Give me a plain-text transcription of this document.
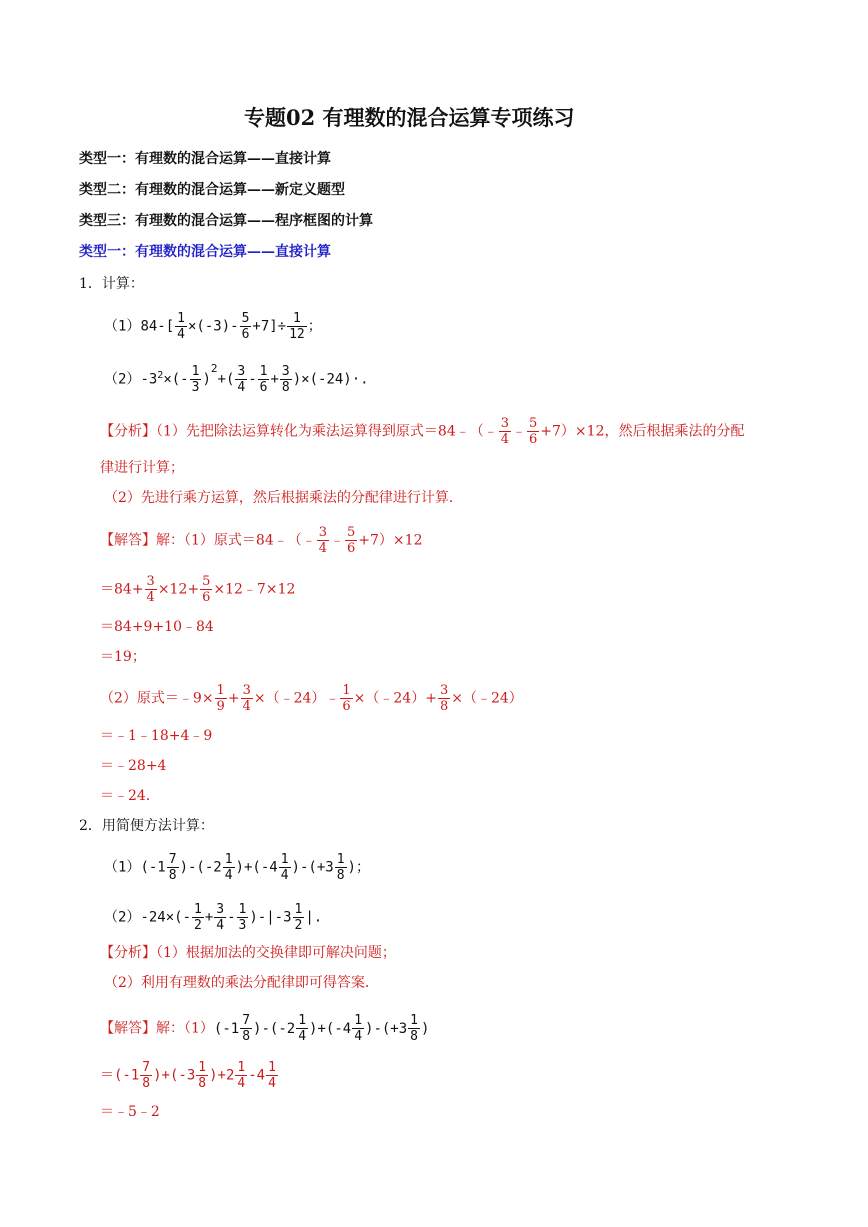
专题02 有理数的混合运算专项练习
类型一：有理数的混合运算——直接计算
类型二：有理数的混合运算——新定义题型
类型三：有理数的混合运算——程序框图的计算
类型一：有理数的混合运算——直接计算
1．计算：
$(1)84-[ \frac{1}{4} \times(-3)- \frac{5}{6} +7]\div \frac{1}{12}$ ；
$(2)-3^2\times(- \frac{1}{3} )^2+( \frac{3}{4} - \frac{1}{6} + \frac{3}{8} )\times(-24)\cdot$.
【分析】（1）先把除法运算转化为乘法运算得到原式＝84﹣（﹣ $\frac{3}{4}$ ﹣ $\frac{5}{6} +7)\times 12$，然后根据乘法的分配
律进行计算；
（2）先进行乘方运算，然后根据乘法的分配律进行计算．
【解答】解：（1）原式＝84﹣（﹣ $\frac{3}{4}$ ﹣ $\frac{5}{6} +7)\times 12$
$=84+ \frac{3}{4} \times 12+ \frac{5}{6}$ ×12﹣7×12
＝84+9+10﹣84
＝19；
（2）原式＝﹣9× $\frac{1}{9} + \frac{3}{4}$ ×（﹣24）﹣ $\frac{1}{6}$ ×（﹣24）+ $\frac{3}{8}$ ×（﹣24）
＝﹣1﹣18+4﹣9
＝﹣28+4
＝﹣24．
2．用简便方法计算：
$(1)(-1 \frac{7}{8} )-(-2 \frac{1}{4} )+(-4 \frac{1}{4} )-(+3 \frac{1}{8}$ )；
$(2)-24\times(- \frac{1}{2} + \frac{3}{4} - \frac{1}{3} )-|-3 \frac{1}{2}$ |.
【分析】（1）根据加法的交换律即可解决问题；
（2）利用有理数的乘法分配律即可得答案．
【解答】解：$(1)(-1 \frac{7}{8} )-(-2 \frac{1}{4} )+(-4 \frac{1}{4} )-(+3 \frac{1}{8}$ )
$=(-1 \frac{7}{8} )+(-3 \frac{1}{8} )+2 \frac{1}{4} -4 \frac{1}{4}$
＝﹣5﹣2
